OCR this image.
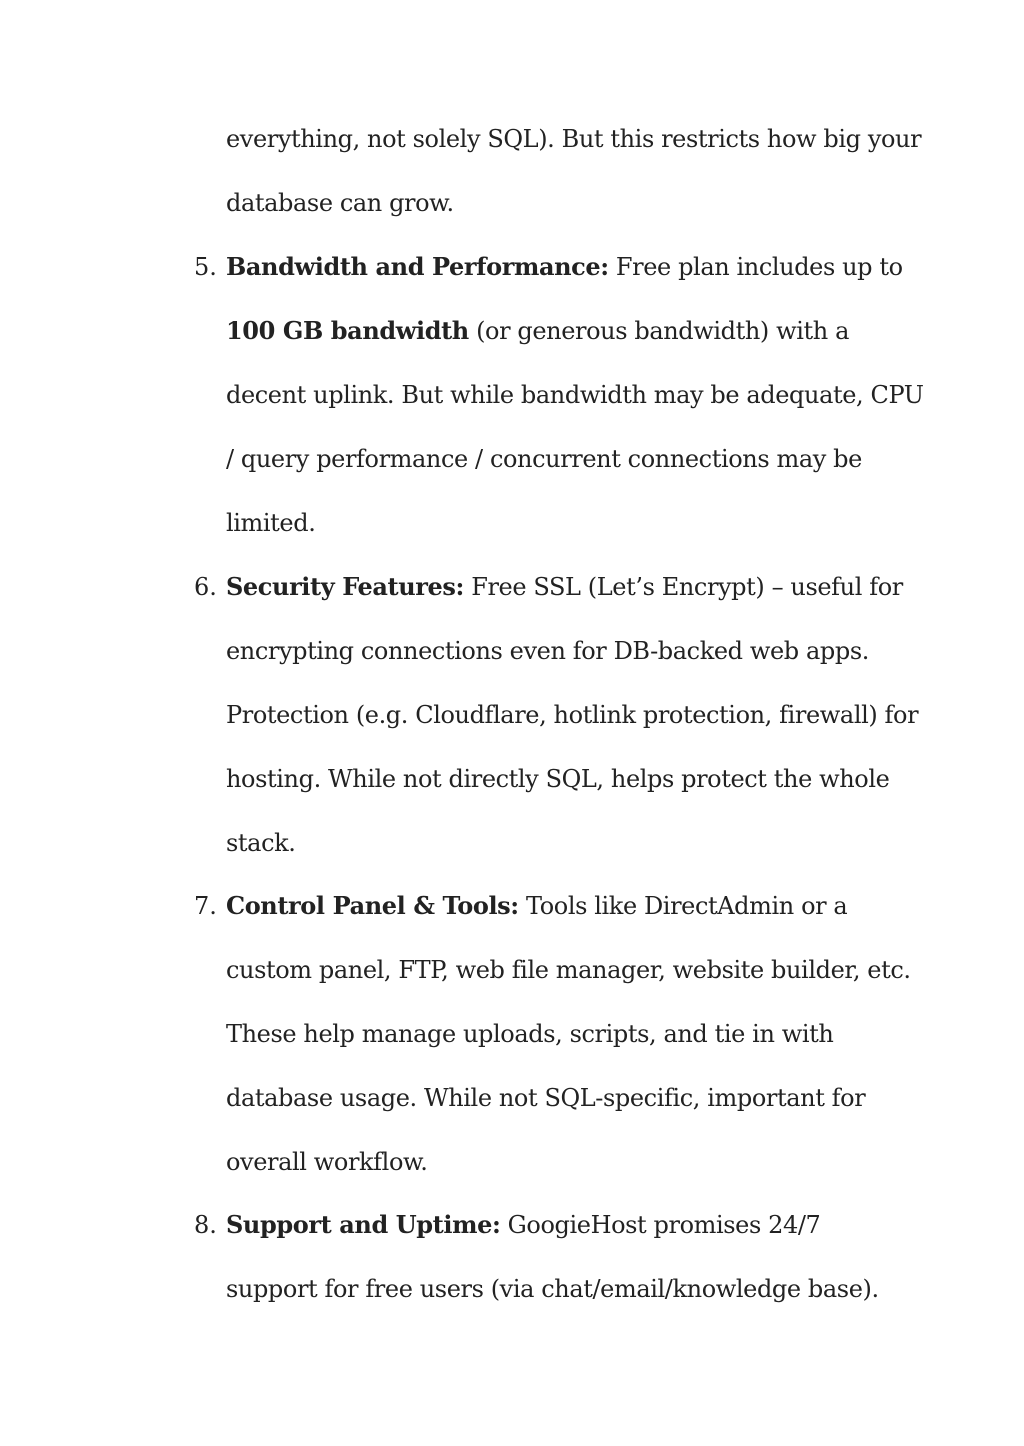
everything, not solely SQL). But this restricts how big your
database can grow.
5. Bandwidth and Performance: Free plan includes up to
100 GB bandwidth (or generous bandwidth) with a
decent uplink. But while bandwidth may be adequate, CPU
/ query performance / concurrent connections may be
limited.
6. Security Features: Free SSL (Let’s Encrypt) – useful for
encrypting connections even for DB-backed web apps.
Protection (e.g. Cloudflare, hotlink protection, firewall) for
hosting. While not directly SQL, helps protect the whole
stack.
7. Control Panel & Tools: Tools like DirectAdmin or a
custom panel, FTP, web file manager, website builder, etc.
These help manage uploads, scripts, and tie in with
database usage. While not SQL-specific, important for
overall workflow.
8. Support and Uptime: GoogieHost promises 24/7
support for free users (via chat/email/knowledge base).
